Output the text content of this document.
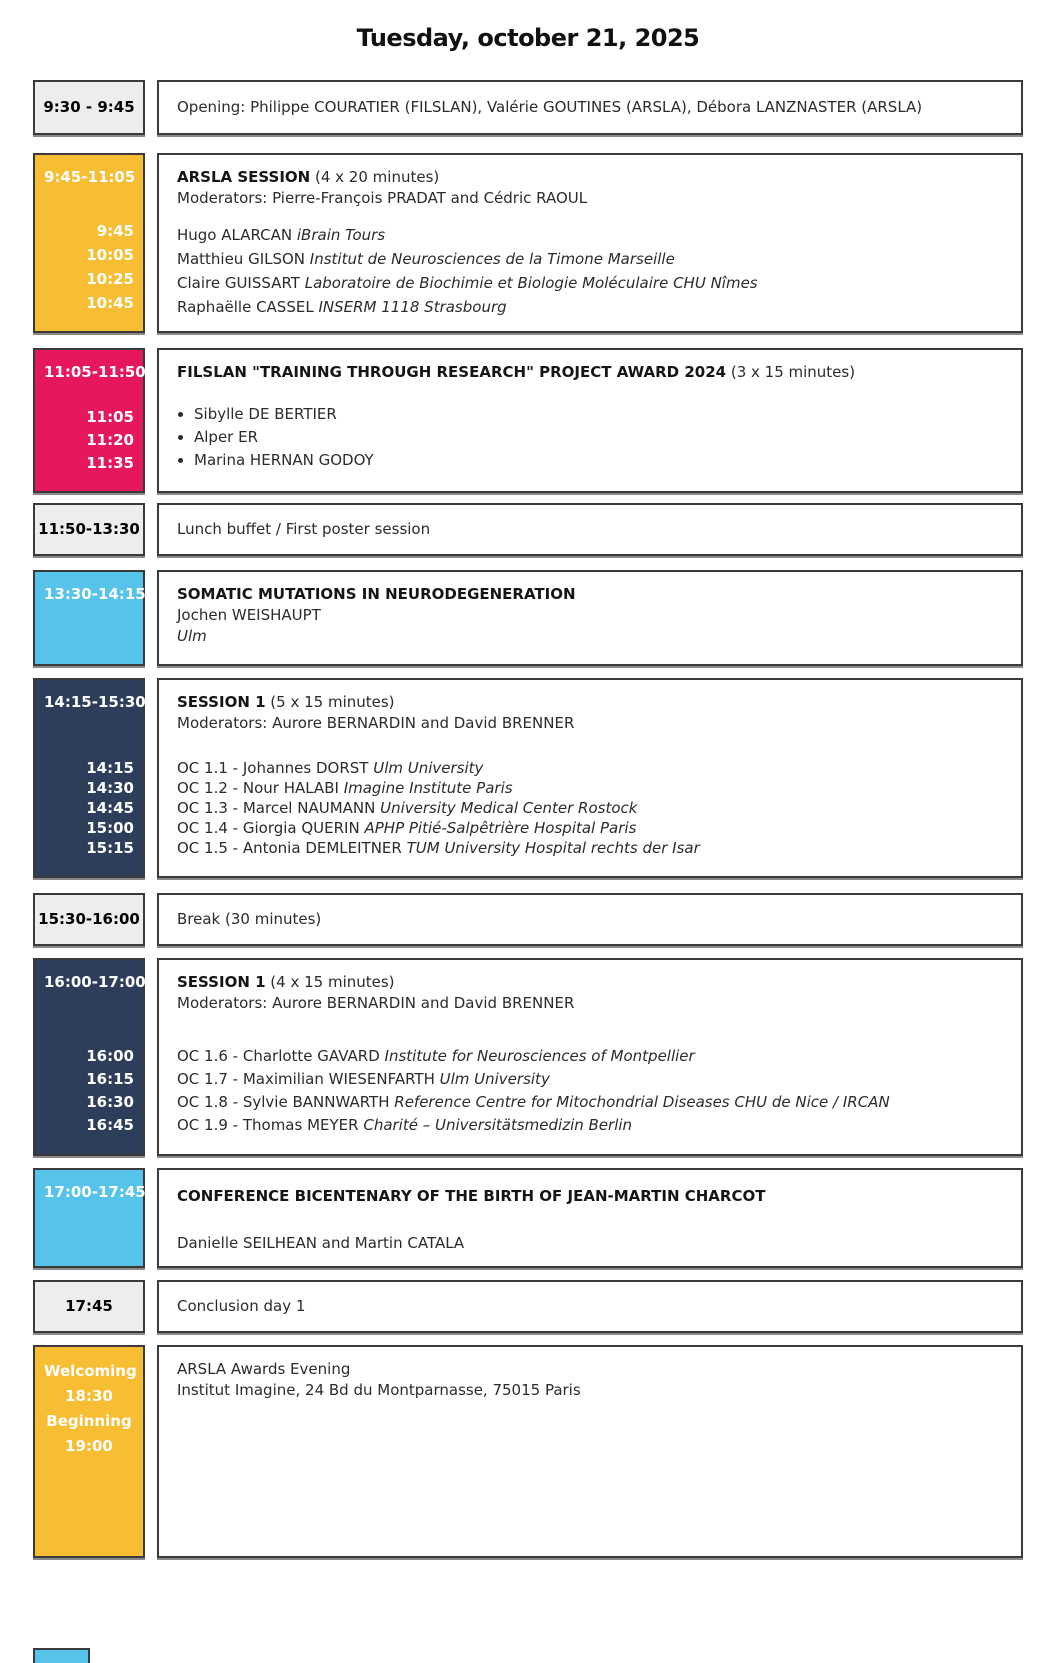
Tuesday, october 21, 2025
9:30 - 9:45	Opening: Philippe COURATIER (FILSLAN), Valérie GOUTINES (ARSLA), Débora LANZNASTER (ARSLA)
9:45-11:05
9:45
10:05
10:25
10:45
ARSLA SESSION (4 x 20 minutes)
Moderators: Pierre-François PRADAT and Cédric RAOUL
Hugo ALARCAN iBrain Tours
Matthieu GILSON Institut de Neurosciences de la Timone Marseille
Claire GUISSART Laboratoire de Biochimie et Biologie Moléculaire CHU Nîmes
Raphaëlle CASSEL INSERM 1118 Strasbourg
11:05-11:50
11:05
11:20
11:35
FILSLAN "TRAINING THROUGH RESEARCH" PROJECT AWARD 2024 (3 x 15 minutes)
• Sibylle DE BERTIER
• Alper ER
• Marina HERNAN GODOY
11:50-13:30 Lunch buffet / First poster session
13:30-14:15 SOMATIC MUTATIONS IN NEURODEGENERATION
Jochen WEISHAUPT
Ulm
14:15-15:30
14:15
14:30
14:45
15:00
15:15
SESSION 1 (5 x 15 minutes)
Moderators: Aurore BERNARDIN and David BRENNER
OC 1.1 - Johannes DORST Ulm University
OC 1.2 - Nour HALABI Imagine Institute Paris
OC 1.3 - Marcel NAUMANN University Medical Center Rostock
OC 1.4 - Giorgia QUERIN APHP Pitié-Salpêtrière Hospital Paris
OC 1.5 - Antonia DEMLEITNER TUM University Hospital rechts der Isar
15:30-16:00 Break (30 minutes)
16:00-17:00
16:00
16:15
16:30
16:45
SESSION 1 (4 x 15 minutes)
Moderators: Aurore BERNARDIN and David BRENNER
OC 1.6 - Charlotte GAVARD Institute for Neurosciences of Montpellier
OC 1.7 - Maximilian WIESENFARTH Ulm University
OC 1.8 - Sylvie BANNWARTH Reference Centre for Mitochondrial Diseases CHU de Nice / IRCAN
OC 1.9 - Thomas MEYER Charité – Universitätsmedizin Berlin
17:00-17:45 CONFERENCE BICENTENARY OF THE BIRTH OF JEAN-MARTIN CHARCOT
Danielle SEILHEAN and Martin CATALA
17:45	Conclusion day 1
Welcoming
18:30
Beginning
19:00
ARSLA Awards Evening
Institut Imagine, 24 Bd du Montparnasse, 75015 Paris
